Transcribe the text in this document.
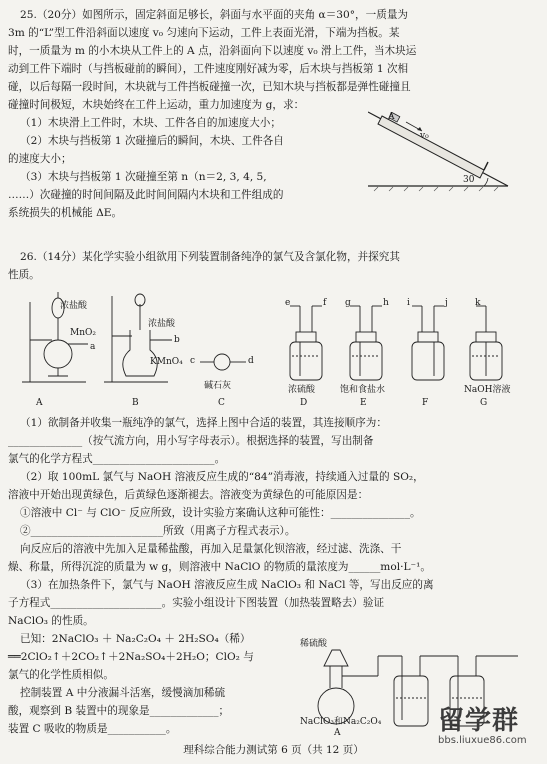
25.（20分）如图所示，固定斜面足够长，斜面与水平面的夹角 α＝30°，一质量为
3m 的“L”型工件沿斜面以速度 v₀ 匀速向下运动，工件上表面光滑，下端为挡板。某
时，一质量为 m 的小木块从工件上的 A 点，沿斜面向下以速度 v₀ 滑上工件，当木块运
动到工件下端时（与挡板碰前的瞬间），工件速度刚好减为零，后木块与挡板第 1 次相
碰，以后每隔一段时间，木块就与工件挡板碰撞一次，已知木块与挡板都是弹性碰撞且
碰撞时间极短，木块始终在工件上运动，重力加速度为 g，求：
（1）木块滑上工件时，木块、工件各自的加速度大小；
（2）木块与挡板第 1 次碰撞后的瞬间，木块、工件各自
的速度大小；
（3）木块与挡板第 1 次碰撞至第 n（n＝2, 3, 4, 5,
……）次碰撞的时间间隔及此时间间隔内木块和工件组成的
系统损失的机械能 ΔE。
A
v₀
30
26.（14分）某化学实验小组欲用下列装置制备纯净的氯气及含氯化物，并探究其
性质。
浓盐酸
MnO₂
a
浓盐酸
KMnO₄
b
c	d
碱石灰
e	f
浓硫酸
g	h
饱和食盐水
i	j	k
NaOH溶液
A	B	C	D	E	F	G
（1）欲制备并收集一瓶纯净的氯气，选择上图中合适的装置，其连接顺序为：
______________（按气流方向，用小写字母表示）。根据选择的装置，写出制备
氯气的化学方程式_______________________。
（2）取 100mL 氯气与 NaOH 溶液反应生成的“84”消毒液，持续通入过量的 SO₂，
溶液中开始出现黄绿色，后黄绿色逐渐褪去。溶液变为黄绿色的可能原因是：
①溶液中 Cl⁻ 与 ClO⁻ 反应所致，设计实验方案确认这种可能性：_______________。
②_________________________所致（用离子方程式表示）。
向反应后的溶液中先加入足量稀盐酸，再加入足量氯化钡溶液，经过滤、洗涤、干
燥、称量，所得沉淀的质量为 w g，则溶液中 NaClO 的物质的量浓度为______mol·L⁻¹。
（3）在加热条件下，氯气与 NaOH 溶液反应生成 NaClO₃ 和 NaCl 等，写出反应的离
子方程式_____________________。实验小组设计下图装置（加热装置略去）验证
NaClO₃ 的性质。
已知：2NaClO₃ ＋ Na₂C₂O₄ ＋ 2H₂SO₄（稀）
══2ClO₂↑＋2CO₂↑＋2Na₂SO₄＋2H₂O；ClO₂ 与
氯气的化学性质相似。
控制装置 A 中分液漏斗活塞，缓慢滴加稀硫
酸，观察到 B 装置中的现象是_____________；
装置 C 吸收的物质是___________。
稀硫酸
NaClO₃和Na₂C₂O₄
A	留学群
bbs.liuxue86.com
理科综合能力测试第 6 页（共 12 页）
